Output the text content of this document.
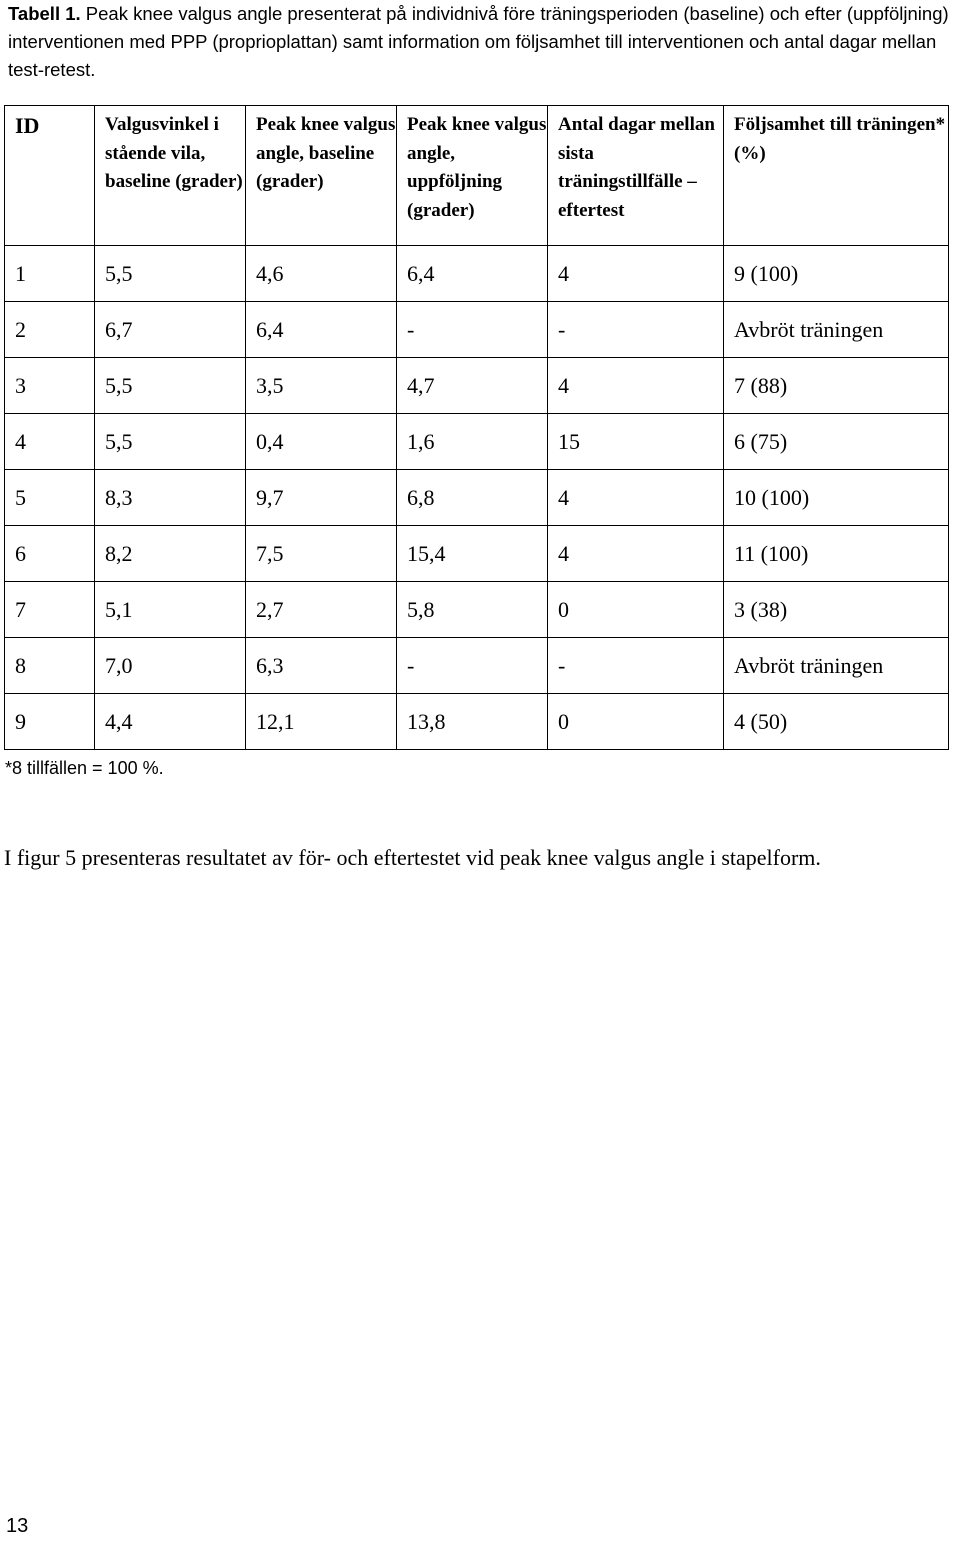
Tabell 1. Peak knee valgus angle presenterat på individnivå före träningsperioden (baseline) och efter (uppföljning) interventionen med PPP (proprioplattan) samt information om följsamhet till interventionen och antal dagar mellan test-retest.
ID	Valgusvinkel i stående vila, baseline (grader)	Peak knee valgus angle, baseline (grader)	Peak knee valgus angle, uppföljning (grader)	Antal dagar mellan sista träningstillfälle – eftertest	Följsamhet till träningen* (%)
1	5,5	4,6	6,4	4	9 (100)
2	6,7	6,4	-	-	Avbröt träningen
3	5,5	3,5	4,7	4	7 (88)
4	5,5	0,4	1,6	15	6 (75)
5	8,3	9,7	6,8	4	10 (100)
6	8,2	7,5	15,4	4	11 (100)
7	5,1	2,7	5,8	0	3 (38)
8	7,0	6,3	-	-	Avbröt träningen
9	4,4	12,1	13,8	0	4 (50)
*8 tillfällen = 100 %.
I figur 5 presenteras resultatet av för- och eftertestet vid peak knee valgus angle i stapelform.
13
